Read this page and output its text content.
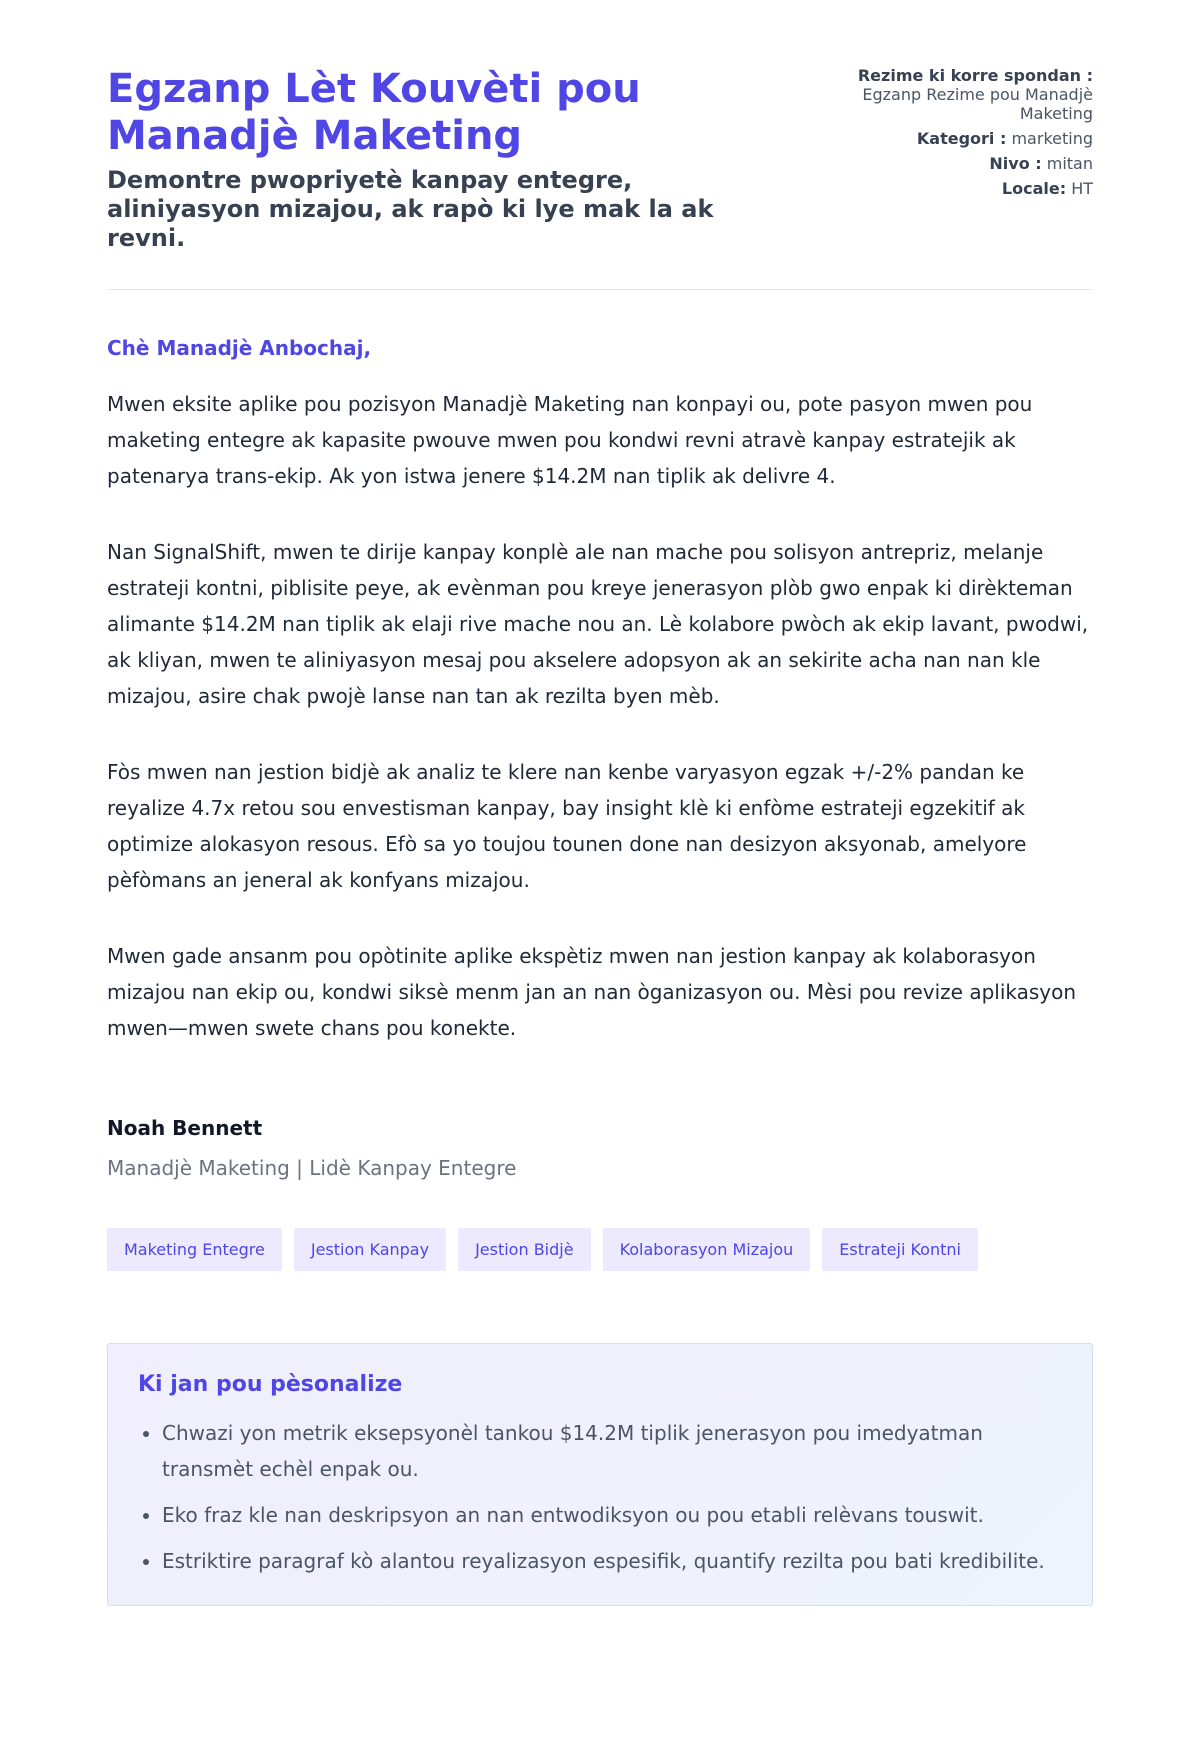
Egzanp Lèt Kouvèti pou Manadjè Maketing

Demontre pwopriyetè kanpay entegre, aliniyasyon mizajou, ak rapò ki lye mak la ak revni.

Rezime ki korre spondan :
Egzanp Rezime pou Manadjè Maketing
Kategori : marketing
Nivo : mitan
Locale: HT

Chè Manadjè Anbochaj,

Mwen eksite aplike pou pozisyon Manadjè Maketing nan konpayi ou, pote pasyon mwen pou maketing entegre ak kapasite pwouve mwen pou kondwi revni atravè kanpay estratejik ak patenarya trans-ekip. Ak yon istwa jenere $14.2M nan tiplik ak delivre 4.

Nan SignalShift, mwen te dirije kanpay konplè ale nan mache pou solisyon antrepriz, melanje estrateji kontni, piblisite peye, ak evènman pou kreye jenerasyon plòb gwo enpak ki dirèkteman alimante $14.2M nan tiplik ak elaji rive mache nou an. Lè kolabore pwòch ak ekip lavant, pwodwi, ak kliyan, mwen te aliniyasyon mesaj pou akselere adopsyon ak an sekirite acha nan nan kle mizajou, asire chak pwojè lanse nan tan ak rezilta byen mèb.

Fòs mwen nan jestion bidjè ak analiz te klere nan kenbe varyasyon egzak +/-2% pandan ke reyalize 4.7x retou sou envestisman kanpay, bay insight klè ki enfòme estrateji egzekitif ak optimize alokasyon resous. Efò sa yo toujou tounen done nan desizyon aksyonab, amelyore pèfòmans an jeneral ak konfyans mizajou.

Mwen gade ansanm pou opòtinite aplike ekspètiz mwen nan jestion kanpay ak kolaborasyon mizajou nan ekip ou, kondwi siksè menm jan an nan òganizasyon ou. Mèsi pou revize aplikasyon mwen—mwen swete chans pou konekte.

Noah Bennett

Manadjè Maketing | Lidè Kanpay Entegre

Maketing Entegre	Jestion Kanpay	Jestion Bidjè	Kolaborasyon Mizajou	Estrateji Kontni
Ki jan pou pèsonalize
• Chwazi yon metrik eksepsyonèl tankou $14.2M tiplik jenerasyon pou imedyatman transmèt echèl enpak ou.
• Eko fraz kle nan deskripsyon an nan entwodiksyon ou pou etabli relèvans touswit.
• Estriktire paragraf kò alantou reyalizasyon espesifik, quantify rezilta pou bati kredibilite.
